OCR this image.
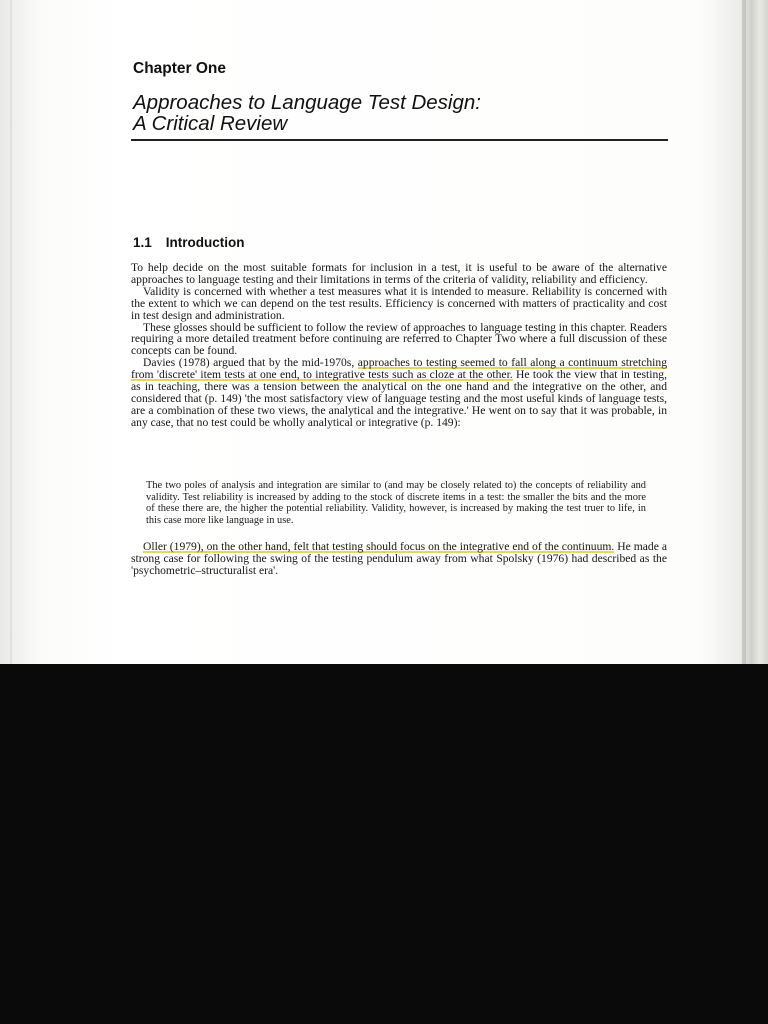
Chapter One
Approaches to Language Test Design:
A Critical Review
1.1 Introduction

To help decide on the most suitable formats for inclusion in a test, it is useful to be aware of the alternative approaches to language testing and their limitations in terms of the criteria of validity, reliability and efficiency.

Validity is concerned with whether a test measures what it is intended to measure. Reliability is concerned with the extent to which we can depend on the test results. Efficiency is concerned with matters of practicality and cost in test design and administration.

These glosses should be sufficient to follow the review of approaches to language testing in this chapter. Readers requiring a more detailed treatment before continuing are referred to Chapter Two where a full discussion of these concepts can be found.

Davies (1978) argued that by the mid-1970s, approaches to testing seemed to fall along a continuum stretching from 'discrete' item tests at one end, to integrative tests such as cloze at the other. He took the view that in testing, as in teaching, there was a tension between the analytical on the one hand and the integrative on the other, and considered that (p. 149) 'the most satisfactory view of language testing and the most useful kinds of language tests, are a combination of these two views, the analytical and the integrative.' He went on to say that it was probable, in any case, that no test could be wholly analytical or integrative (p. 149):

The two poles of analysis and integration are similar to (and may be closely related to) the concepts of reliability and validity. Test reliability is increased by adding to the stock of discrete items in a test: the smaller the bits and the more of these there are, the higher the potential reliability. Validity, however, is increased by making the test truer to life, in this case more like language in use.

Oller (1979), on the other hand, felt that testing should focus on the integrative end of the continuum. He made a strong case for following the swing of the testing pendulum away from what Spolsky (1976) had described as the 'psychometric–structuralist era'.
